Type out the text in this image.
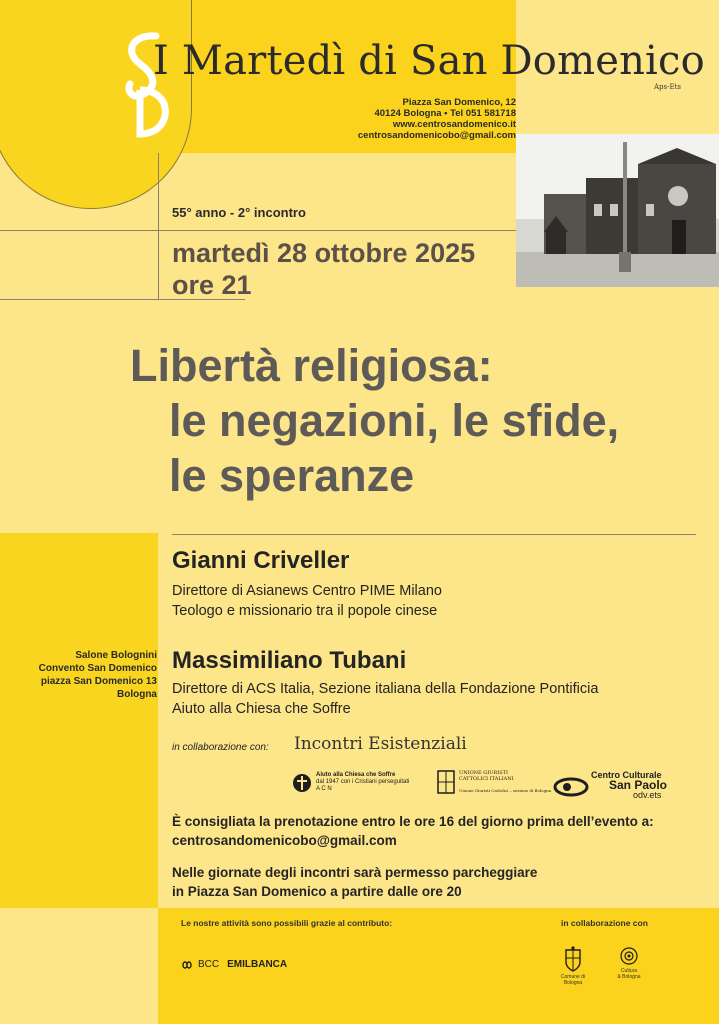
I Martedì di San Domenico
Aps-Ets
Piazza San Domenico, 12
40124 Bologna • Tel 051 581718
www.centrosandomenico.it
centrosandomenicobo@gmail.com
55° anno - 2° incontro
martedì 28 ottobre 2025
ore 21
Libertà religiosa:
le negazioni, le sfide,
le speranze
Gianni Criveller
Direttore di Asianews Centro PIME Milano
Teologo e missionario tra il popole cinese
Massimiliano Tubani
Direttore di ACS Italia, Sezione italiana della Fondazione Pontificia
Aiuto alla Chiesa che Soffre
Salone Bolognini
Convento San Domenico
piazza San Domenico 13
Bologna
in collaborazione con: Incontri Esistenziali
Aiuto alla Chiesa che Soffre
dal 1947 con i Cristiani perseguitati
A C N
UNIONE GIURISTI
CATTOLICI ITALIANI
Unione Giuristi Cattolici – sezione di Bologna
Centro Culturale
San Paolo
odv.ets
È consigliata la prenotazione entro le ore 16 del giorno prima dell’evento a:
centrosandomenicobo@gmail.com
Nelle giornate degli incontri sarà permesso parcheggiare
in Piazza San Domenico a partire dalle ore 20
Le nostre attività sono possibili grazie al contributo:	in collaborazione con
BCC EMILBANCA
Comune di Bologna
Cultura
& Bologna
